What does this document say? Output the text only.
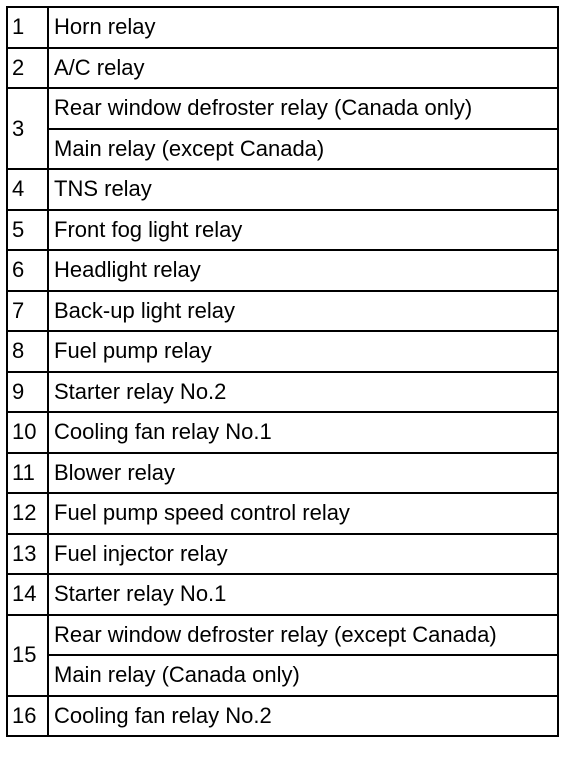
1	Horn relay
2	A/C relay
3	Rear window defroster relay (Canada only)
	Main relay (except Canada)
4	TNS relay
5	Front fog light relay
6	Headlight relay
7	Back-up light relay
8	Fuel pump relay
9	Starter relay No.2
10	Cooling fan relay No.1
11	Blower relay
12	Fuel pump speed control relay
13	Fuel injector relay
14	Starter relay No.1
15	Rear window defroster relay (except Canada)
	Main relay (Canada only)
16	Cooling fan relay No.2
